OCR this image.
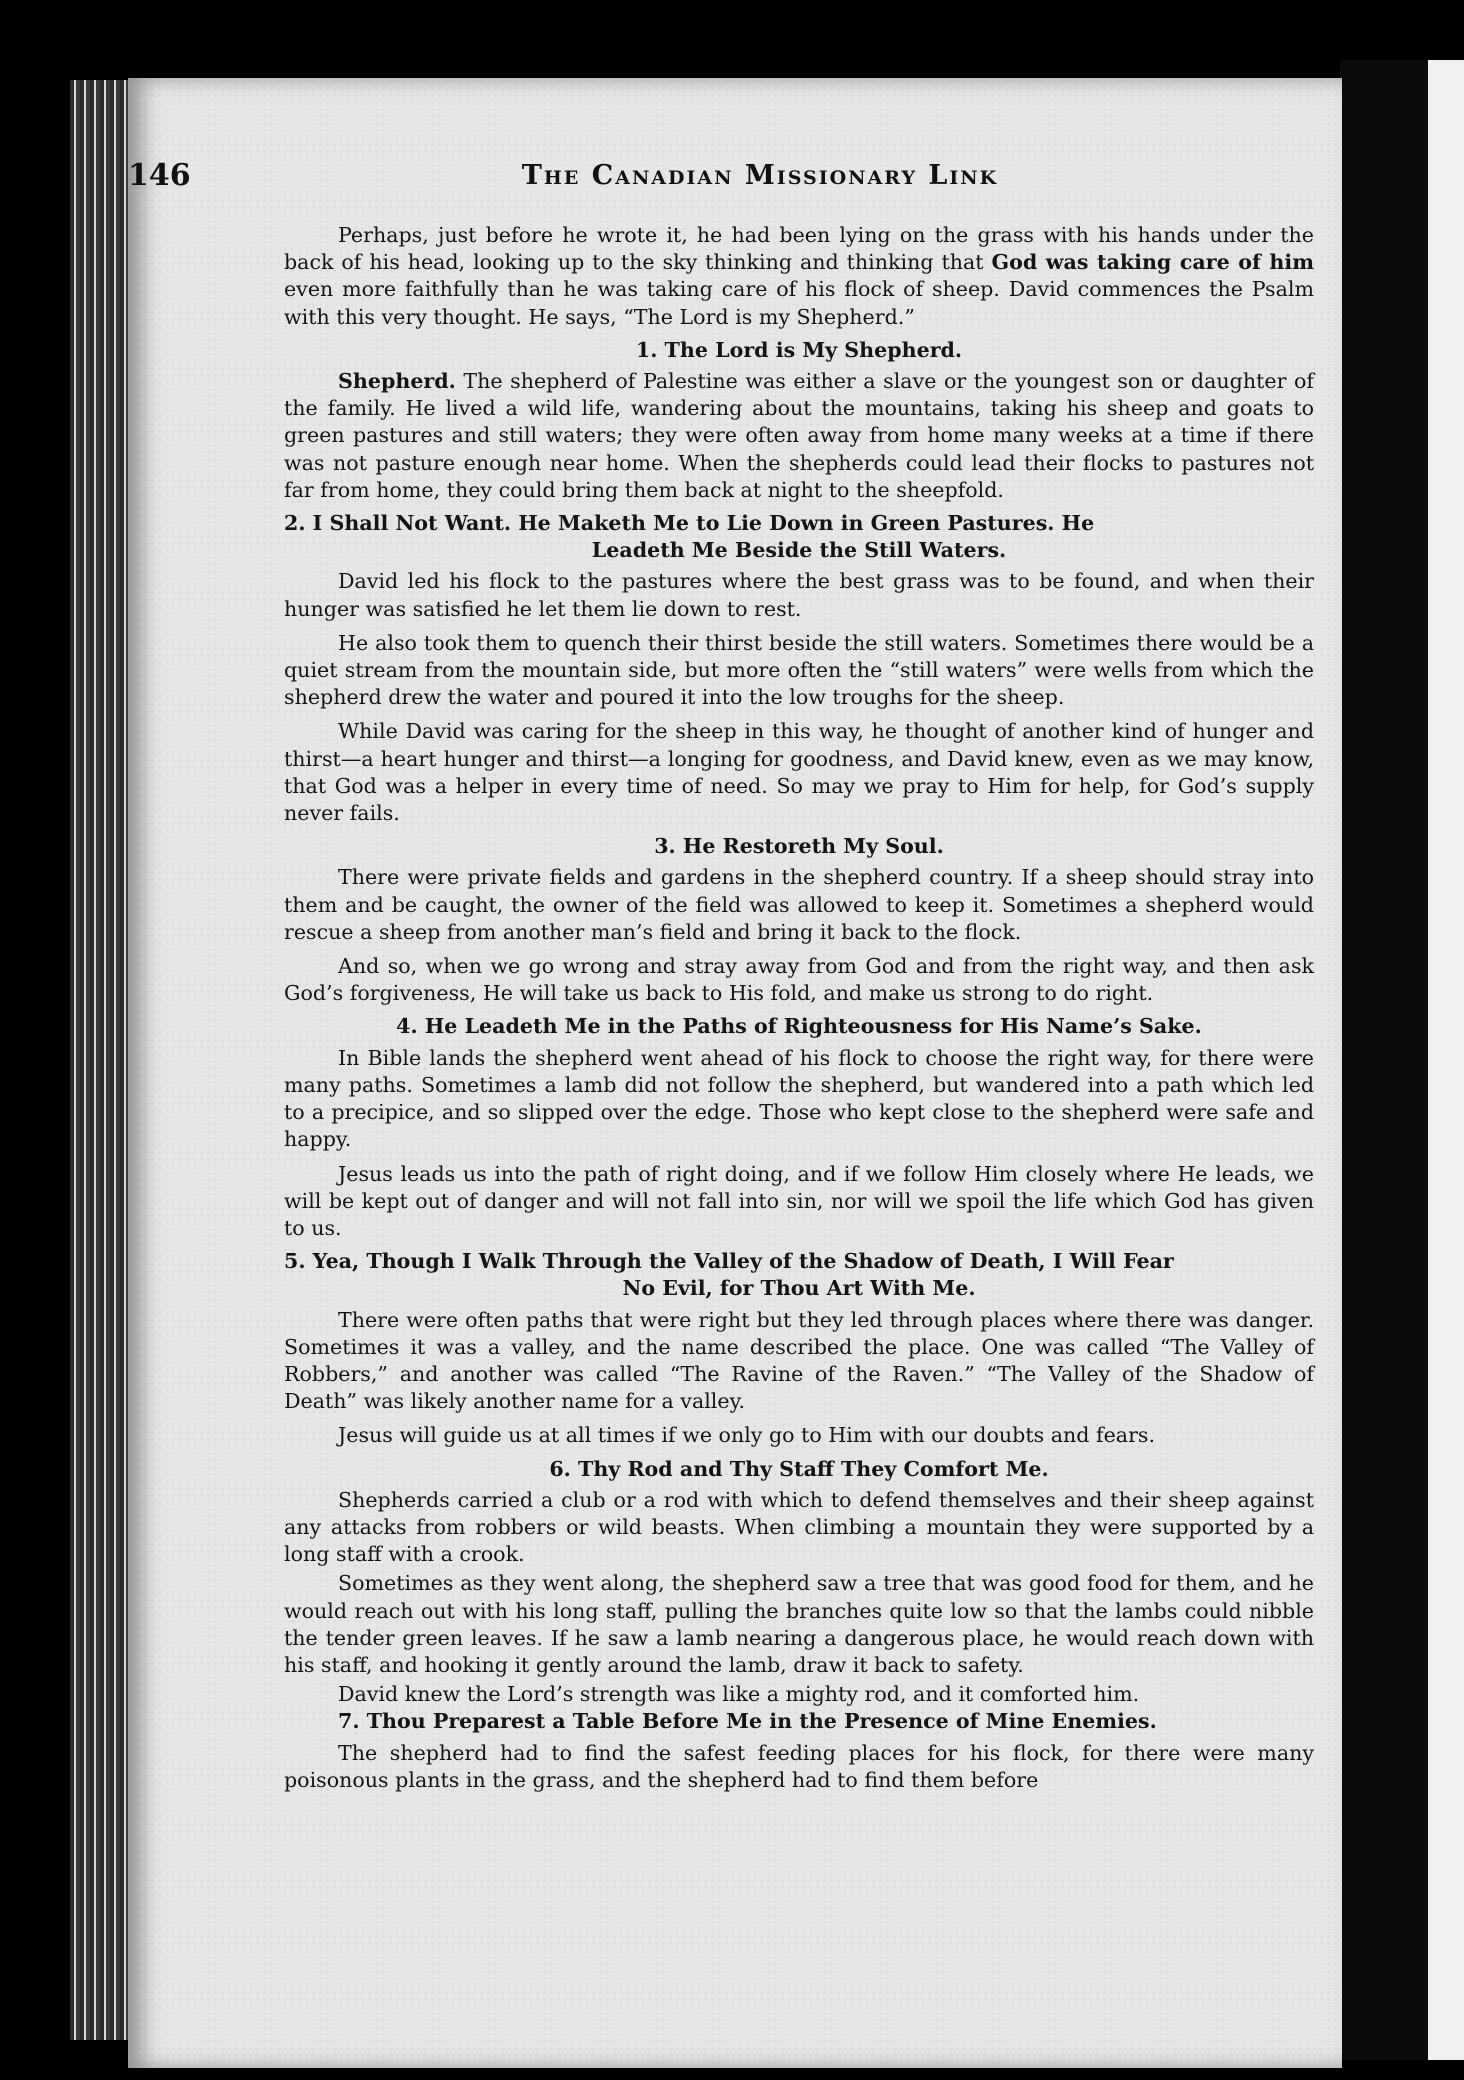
146	The Canadian Missionary Link

Perhaps, just before he wrote it, he had been lying on the grass with his hands under the back of his head, looking up to the sky thinking and thinking that God was taking care of him even more faithfully than he was taking care of his flock of sheep. David commences the Psalm with this very thought. He says, “The Lord is my Shepherd.”

1. The Lord is My Shepherd.

Shepherd. The shepherd of Palestine was either a slave or the youngest son or daughter of the family. He lived a wild life, wandering about the mountains, taking his sheep and goats to green pastures and still waters; they were often away from home many weeks at a time if there was not pasture enough near home. When the shepherds could lead their flocks to pastures not far from home, they could bring them back at night to the sheepfold.

2. I Shall Not Want. He Maketh Me to Lie Down in Green Pastures. He
Leadeth Me Beside the Still Waters.

David led his flock to the pastures where the best grass was to be found, and when their hunger was satisfied he let them lie down to rest.

He also took them to quench their thirst beside the still waters. Sometimes there would be a quiet stream from the mountain side, but more often the “still waters” were wells from which the shepherd drew the water and poured it into the low troughs for the sheep.

While David was caring for the sheep in this way, he thought of another kind of hunger and thirst—a heart hunger and thirst—a longing for goodness, and David knew, even as we may know, that God was a helper in every time of need. So may we pray to Him for help, for God’s supply never fails.

3. He Restoreth My Soul.

There were private fields and gardens in the shepherd country. If a sheep should stray into them and be caught, the owner of the field was allowed to keep it. Sometimes a shepherd would rescue a sheep from another man’s field and bring it back to the flock.

And so, when we go wrong and stray away from God and from the right way, and then ask God’s forgiveness, He will take us back to His fold, and make us strong to do right.

4. He Leadeth Me in the Paths of Righteousness for His Name’s Sake.

In Bible lands the shepherd went ahead of his flock to choose the right way, for there were many paths. Sometimes a lamb did not follow the shepherd, but wandered into a path which led to a precipice, and so slipped over the edge. Those who kept close to the shepherd were safe and happy.

Jesus leads us into the path of right doing, and if we follow Him closely where He leads, we will be kept out of danger and will not fall into sin, nor will we spoil the life which God has given to us.

5. Yea, Though I Walk Through the Valley of the Shadow of Death, I Will Fear
No Evil, for Thou Art With Me.

There were often paths that were right but they led through places where there was danger. Sometimes it was a valley, and the name described the place. One was called “The Valley of Robbers,” and another was called “The Ravine of the Raven.” “The Valley of the Shadow of Death” was likely another name for a valley.

Jesus will guide us at all times if we only go to Him with our doubts and fears.

6. Thy Rod and Thy Staff They Comfort Me.

Shepherds carried a club or a rod with which to defend themselves and their sheep against any attacks from robbers or wild beasts. When climbing a mountain they were supported by a long staff with a crook.

Sometimes as they went along, the shepherd saw a tree that was good food for them, and he would reach out with his long staff, pulling the branches quite low so that the lambs could nibble the tender green leaves. If he saw a lamb nearing a dangerous place, he would reach down with his staff, and hooking it gently around the lamb, draw it back to safety.

David knew the Lord’s strength was like a mighty rod, and it comforted him.

7. Thou Preparest a Table Before Me in the Presence of Mine Enemies.

The shepherd had to find the safest feeding places for his flock, for there were many poisonous plants in the grass, and the shepherd had to find them before
